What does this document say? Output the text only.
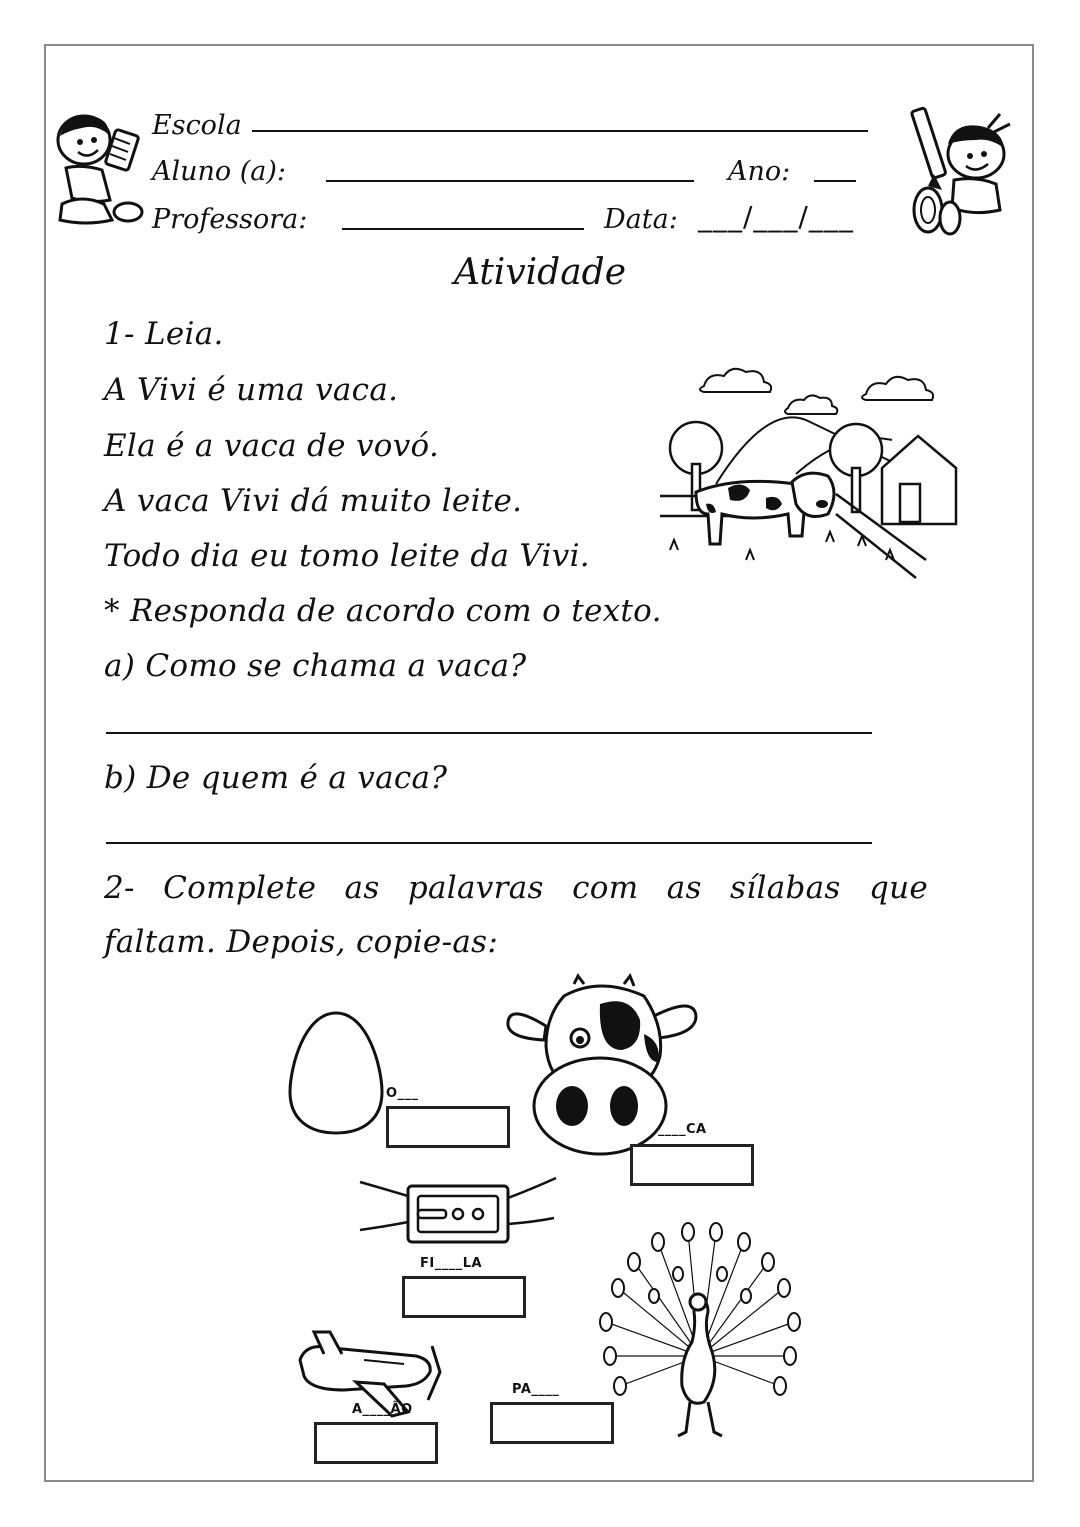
Escola
Aluno (a):	Ano:
Professora:	Data: ___/___/___
Atividade
1- Leia.
A Vivi é uma vaca.
Ela é a vaca de vovó.
A vaca Vivi dá muito leite.
Todo dia eu tomo leite da Vivi.
* Responda de acordo com o texto.
a) Como se chama a vaca?
b) De quem é a vaca?
2- Complete as palavras com as sílabas que
faltam. Depois, copie-as:
O___
____CA
FI____LA
PA____
A____ÃO
